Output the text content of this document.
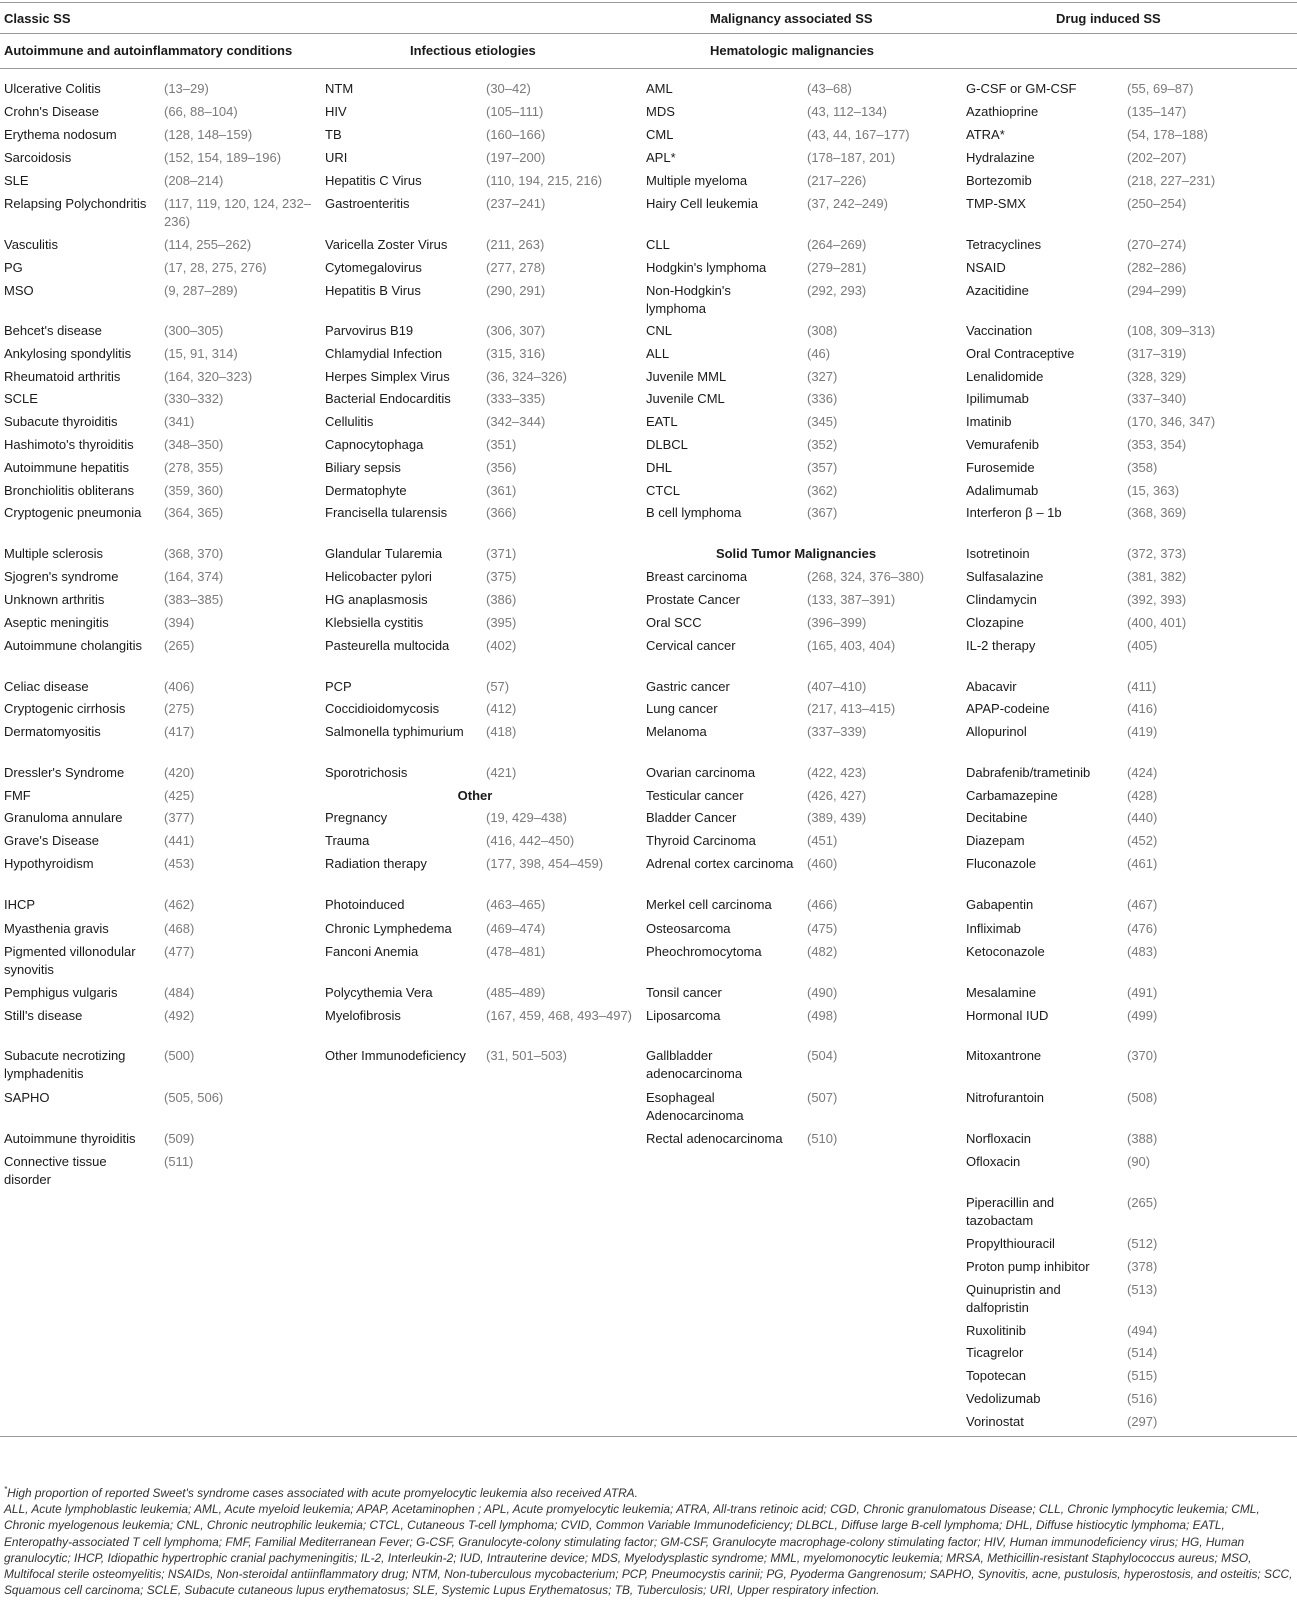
Classic SS	Malignancy associated SS	Drug induced SS
Autoimmune and autoinflammatory conditions	Infectious etiologies	Hematologic malignancies
Ulcerative Colitis	(13–29)
Crohn's Disease	(66, 88–104)
Erythema nodosum	(128, 148–159)
Sarcoidosis	(152, 154, 189–196)
SLE	(208–214)
Relapsing Polychondritis	(117, 119, 120, 124, 232–236)
Vasculitis	(114, 255–262)
PG	(17, 28, 275, 276)
MSO	(9, 287–289)
Behcet's disease	(300–305)
Ankylosing spondylitis	(15, 91, 314)
Rheumatoid arthritis	(164, 320–323)
SCLE	(330–332)
Subacute thyroiditis	(341)
Hashimoto's thyroiditis	(348–350)
Autoimmune hepatitis	(278, 355)
Bronchiolitis obliterans	(359, 360)
Cryptogenic pneumonia	(364, 365)
Multiple sclerosis	(368, 370)
Sjogren's syndrome	(164, 374)
Unknown arthritis	(383–385)
Aseptic meningitis	(394)
Autoimmune cholangitis	(265)
Celiac disease	(406)
Cryptogenic cirrhosis	(275)
Dermatomyositis	(417)
Dressler's Syndrome	(420)
FMF	(425)
Granuloma annulare	(377)
Grave's Disease	(441)
Hypothyroidism	(453)
IHCP	(462)
Myasthenia gravis	(468)
Pigmented villonodular synovitis
(477)
Pemphigus vulgaris	(484)
Still's disease	(492)
Subacute necrotizing lymphadenitis
(500)
SAPHO	(505, 506)
Autoimmune thyroiditis	(509)
Connective tissue disorder
(511)
NTM	(30–42)
HIV	(105–111)
TB	(160–166)
URI	(197–200)
Hepatitis C Virus	(110, 194, 215, 216)
Gastroenteritis	(237–241)
Varicella Zoster Virus	(211, 263)
Cytomegalovirus	(277, 278)
Hepatitis B Virus	(290, 291)
Parvovirus B19	(306, 307)
Chlamydial Infection	(315, 316)
Herpes Simplex Virus	(36, 324–326)
Bacterial Endocarditis	(333–335)
Cellulitis	(342–344)
Capnocytophaga	(351)
Biliary sepsis	(356)
Dermatophyte	(361)
Francisella tularensis	(366)
Glandular Tularemia	(371)
Helicobacter pylori	(375)
HG anaplasmosis	(386)
Klebsiella cystitis	(395)
Pasteurella multocida	(402)
PCP	(57)
Coccidioidomycosis	(412)
Salmonella typhimurium	(418)
Sporotrichosis	(421)
Other
Pregnancy	(19, 429–438)
Trauma	(416, 442–450)
Radiation therapy	(177, 398, 454–459)
Photoinduced	(463–465)
Chronic Lymphedema	(469–474)
Fanconi Anemia	(478–481)
Polycythemia Vera	(485–489)
Myelofibrosis	(167, 459, 468, 493–497)
Other Immunodeficiency	(31, 501–503)
AML	(43–68)
MDS	(43, 112–134)
CML	(43, 44, 167–177)
APL*	(178–187, 201)
Multiple myeloma	(217–226)
Hairy Cell leukemia	(37, 242–249)
CLL	(264–269)
Hodgkin's lymphoma	(279–281)
Non-Hodgkin's lymphoma
(292, 293)
CNL	(308)
ALL	(46)
Juvenile MML	(327)
Juvenile CML	(336)
EATL	(345)
DLBCL	(352)
DHL	(357)
CTCL	(362)
B cell lymphoma	(367)
Solid Tumor Malignancies
Breast carcinoma	(268, 324, 376–380)
Prostate Cancer	(133, 387–391)
Oral SCC	(396–399)
Cervical cancer	(165, 403, 404)
Gastric cancer	(407–410)
Lung cancer	(217, 413–415)
Melanoma	(337–339)
Ovarian carcinoma	(422, 423)
Testicular cancer	(426, 427)
Bladder Cancer	(389, 439)
Thyroid Carcinoma	(451)
Adrenal cortex carcinoma (460)
Merkel cell carcinoma	(466)
Osteosarcoma	(475)
Pheochromocytoma	(482)
Tonsil cancer	(490)
Liposarcoma	(498)
Gallbladder adenocarcinoma
(504)
Esophageal Adenocarcinoma
(507)
Rectal adenocarcinoma	(510)
G-CSF or GM-CSF	(55, 69–87)
Azathioprine	(135–147)
ATRA*	(54, 178–188)
Hydralazine	(202–207)
Bortezomib	(218, 227–231)
TMP-SMX	(250–254)
Tetracyclines	(270–274)
NSAID	(282–286)
Azacitidine	(294–299)
Vaccination	(108, 309–313)
Oral Contraceptive	(317–319)
Lenalidomide	(328, 329)
Ipilimumab	(337–340)
Imatinib	(170, 346, 347)
Vemurafenib	(353, 354)
Furosemide	(358)
Adalimumab	(15, 363)
Interferon β – 1b	(368, 369)
Isotretinoin	(372, 373)
Sulfasalazine	(381, 382)
Clindamycin	(392, 393)
Clozapine	(400, 401)
IL-2 therapy	(405)
Abacavir	(411)
APAP-codeine	(416)
Allopurinol	(419)
Dabrafenib/trametinib	(424)
Carbamazepine	(428)
Decitabine	(440)
Diazepam	(452)
Fluconazole	(461)
Gabapentin	(467)
Infliximab	(476)
Ketoconazole	(483)
Mesalamine	(491)
Hormonal IUD	(499)
Mitoxantrone	(370)
Nitrofurantoin	(508)
Norfloxacin	(388)
Ofloxacin	(90)
Piperacillin and tazobactam
(265)
Propylthiouracil	(512)
Proton pump inhibitor	(378)
Quinupristin and dalfopristin
(513)
Ruxolitinib	(494)
Ticagrelor	(514)
Topotecan	(515)
Vedolizumab	(516)
Vorinostat	(297)

*High proportion of reported Sweet's syndrome cases associated with acute promyelocytic leukemia also received ATRA.

ALL, Acute lymphoblastic leukemia; AML, Acute myeloid leukemia; APAP, Acetaminophen ; APL, Acute promyelocytic leukemia; ATRA, All-trans retinoic acid; CGD, Chronic granulomatous Disease; CLL, Chronic lymphocytic leukemia; CML, Chronic myelogenous leukemia; CNL, Chronic neutrophilic leukemia; CTCL, Cutaneous T-cell lymphoma; CVID, Common Variable Immunodeficiency; DLBCL, Diffuse large B-cell lymphoma; DHL, Diffuse histiocytic lymphoma; EATL, Enteropathy-associated T cell lymphoma; FMF, Familial Mediterranean Fever; G-CSF, Granulocyte-colony stimulating factor; GM-CSF, Granulocyte macrophage-colony stimulating factor; HIV, Human immunodeficiency virus; HG, Human granulocytic; IHCP, Idiopathic hypertrophic cranial pachymeningitis; IL-2, Interleukin-2; IUD, Intrauterine device; MDS, Myelodysplastic syndrome; MML, myelomonocytic leukemia; MRSA, Methicillin-resistant Staphylococcus aureus; MSO, Multifocal sterile osteomyelitis; NSAIDs, Non-steroidal antiinflammatory drug; NTM, Non-tuberculous mycobacterium; PCP, Pneumocystis carinii; PG, Pyoderma Gangrenosum; SAPHO, Synovitis, acne, pustulosis, hyperostosis, and osteitis; SCC, Squamous cell carcinoma; SCLE, Subacute cutaneous lupus erythematosus; SLE, Systemic Lupus Erythematosus; TB, Tuberculosis; URI, Upper respiratory infection.
